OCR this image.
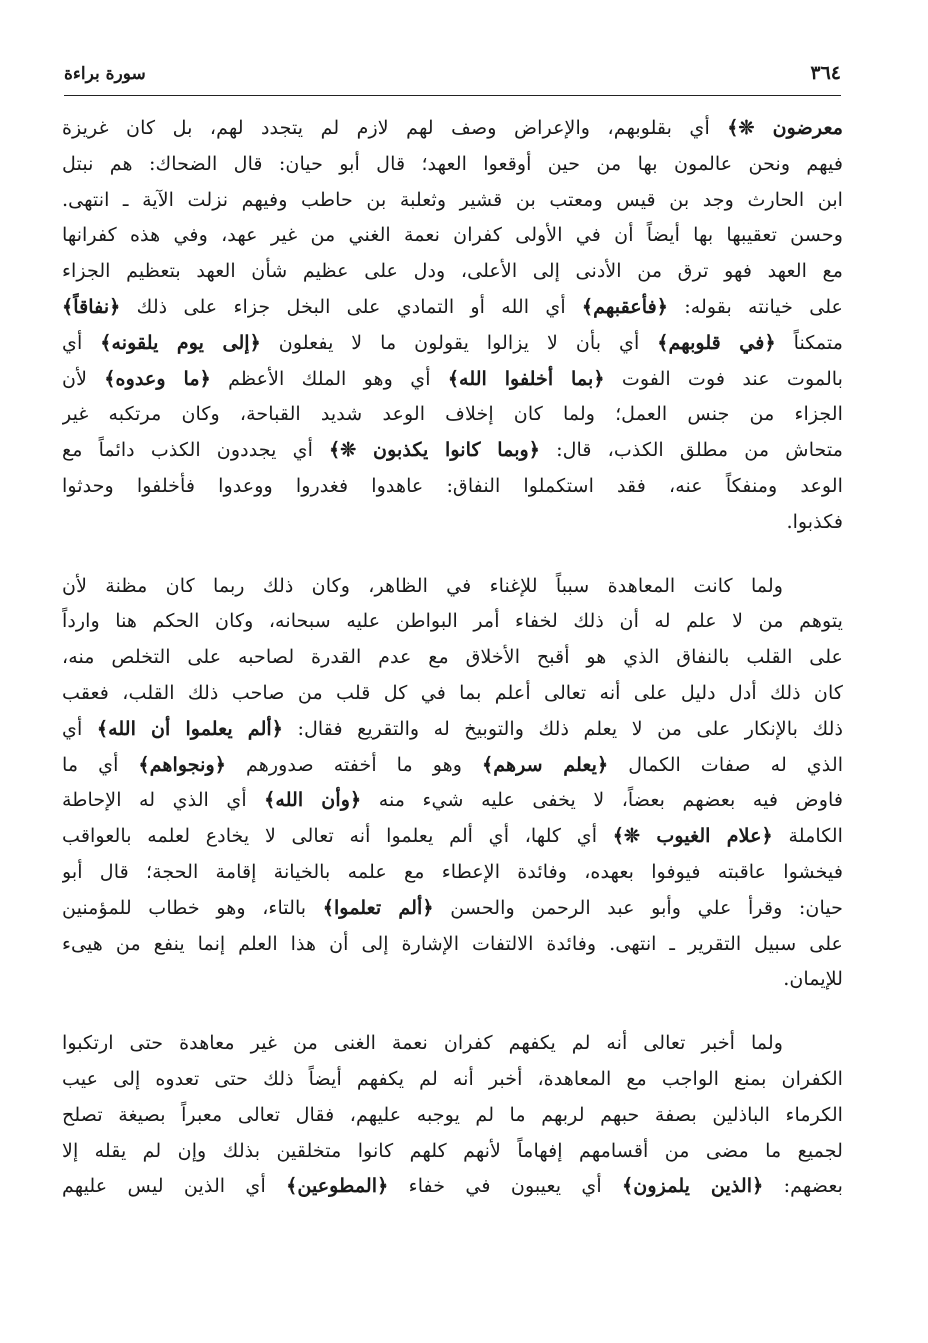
٣٦٤
سورة براءة

معرضون ❊﴾ أي بقلوبهم، والإعراض وصف لهم لازم لم يتجدد لهم، بل كان غريزة
فيهم ونحن عالمون بها من حين أوقعوا العهد؛ قال أبو حيان: قال الضحاك: هم نبتل
ابن الحارث وجد بن قيس ومعتب بن قشير وثعلبة بن حاطب وفيهم نزلت الآية ـ انتهى.
وحسن تعقيبها بها أيضاً أن في الأولى كفران نعمة الغني من غير عهد، وفي هذه كفرانها
مع العهد فهو ترق من الأدنى إلى الأعلى، ودل على عظيم شأن العهد بتعظيم الجزاء
على خيانته بقوله: ﴿فأعقبهم﴾ أي الله أو التمادي على البخل جزاء على ذلك ﴿نفاقاً﴾
متمكناً ﴿في قلوبهم﴾ أي بأن لا يزالوا يقولون ما لا يفعلون ﴿إلى يوم يلقونه﴾ أي
بالموت عند فوت الفوت ﴿بما أخلفوا الله﴾ أي وهو الملك الأعظم ﴿ما وعدوه﴾ لأن
الجزاء من جنس العمل؛ ولما كان إخلاف الوعد شديد القباحة، وكان مرتكبه غير
متحاش من مطلق الكذب، قال: ﴿وبما كانوا يكذبون ❊﴾ أي يجددون الكذب دائماً مع
الوعد ومنفكاً عنه، فقد استكملوا النفاق: عاهدوا فغدروا ووعدوا فأخلفوا وحدثوا
فكذبوا.

ولما كانت المعاهدة سبباً للإغناء في الظاهر، وكان ذلك ربما كان مظنة لأن
يتوهم من لا علم له أن ذلك لخفاء أمر البواطن عليه سبحانه، وكان الحكم هنا وارداً
على القلب بالنفاق الذي هو أقبح الأخلاق مع عدم القدرة لصاحبه على التخلص منه،
كان ذلك أدل دليل على أنه تعالى أعلم بما في كل قلب من صاحب ذلك القلب، فعقب
ذلك بالإنكار على من لا يعلم ذلك والتوبيخ له والتقريع فقال: ﴿ألم يعلموا أن الله﴾ أي
الذي له صفات الكمال ﴿يعلم سرهم﴾ وهو ما أخفته صدورهم ﴿ونجواهم﴾ أي ما
فاوض فيه بعضهم بعضاً، لا يخفى عليه شيء منه ﴿وأن الله﴾ أي الذي له الإحاطة
الكاملة ﴿علام الغيوب ❊﴾ أي كلها، أي ألم يعلموا أنه تعالى لا يخادع لعلمه بالعواقب
فيخشوا عاقبته فيوفوا بعهده، وفائدة الإعطاء مع علمه بالخيانة إقامة الحجة؛ قال أبو
حيان: وقرأ علي وأبو عبد الرحمن والحسن ﴿ألم تعلموا﴾ بالتاء، وهو خطاب للمؤمنين
على سبيل التقرير ـ انتهى. وفائدة الالتفات الإشارة إلى أن هذا العلم إنما ينفع من هيىء
للإيمان.

ولما أخبر تعالى أنه لم يكفهم كفران نعمة الغنى من غير معاهدة حتى ارتكبوا
الكفران بمنع الواجب مع المعاهدة، أخبر أنه لم يكفهم أيضاً ذلك حتى تعدوه إلى عيب
الكرماء الباذلين بصفة حبهم لربهم ما لم يوجبه عليهم، فقال تعالى معبراً بصيغة تصلح
لجميع ما مضى من أقسامهم إفهاماً لأنهم كلهم كانوا متخلقين بذلك وإن لم يقله إلا
بعضهم: ﴿الذين يلمزون﴾ أي يعيبون في خفاء ﴿المطوعين﴾ أي الذين ليس عليهم
